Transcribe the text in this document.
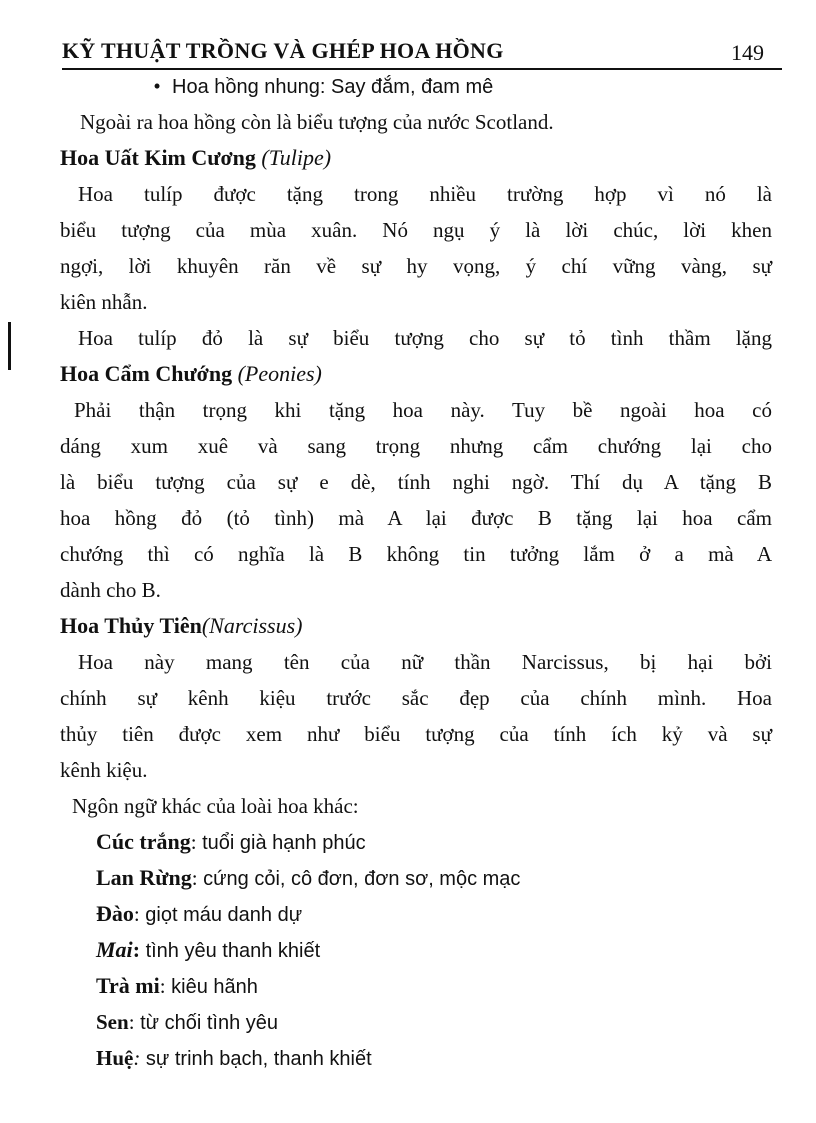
KỸ THUẬT TRỒNG VÀ GHÉP HOA HỒNG	149
• Hoa hồng nhung: Say đắm, đam mê
Ngoài ra hoa hồng còn là biểu tượng của nước Scotland.
Hoa Uất Kim Cương (Tulipe)
Hoa tulíp được tặng trong nhiều trường hợp vì nó là
biểu tượng của mùa xuân. Nó ngụ ý là lời chúc, lời khen
ngợi, lời khuyên răn về sự hy vọng, ý chí vững vàng, sự
kiên nhẫn.
Hoa tulíp đỏ là sự biểu tượng cho sự tỏ tình thầm lặng
Hoa Cẩm Chướng (Peonies)
Phải thận trọng khi tặng hoa này. Tuy bề ngoài hoa có
dáng xum xuê và sang trọng nhưng cẩm chướng lại cho
là biểu tượng của sự e dè, tính nghi ngờ. Thí dụ A tặng B
hoa hồng đỏ (tỏ tình) mà A lại được B tặng lại hoa cẩm
chướng thì có nghĩa là B không tin tưởng lắm ở a mà A
dành cho B.
Hoa Thủy Tiên(Narcissus)
Hoa này mang tên của nữ thần Narcissus, bị hại bởi
chính sự kênh kiệu trước sắc đẹp của chính mình. Hoa
thủy tiên được xem như biểu tượng của tính ích kỷ và sự
kênh kiệu.
Ngôn ngữ khác của loài hoa khác:
Cúc trắng: tuổi già hạnh phúc
Lan Rừng: cứng cỏi, cô đơn, đơn sơ, mộc mạc
Đào: giọt máu danh dự
Mai: tình yêu thanh khiết
Trà mi: kiêu hãnh
Sen: từ chối tình yêu
Huệ: sự trinh bạch, thanh khiết
